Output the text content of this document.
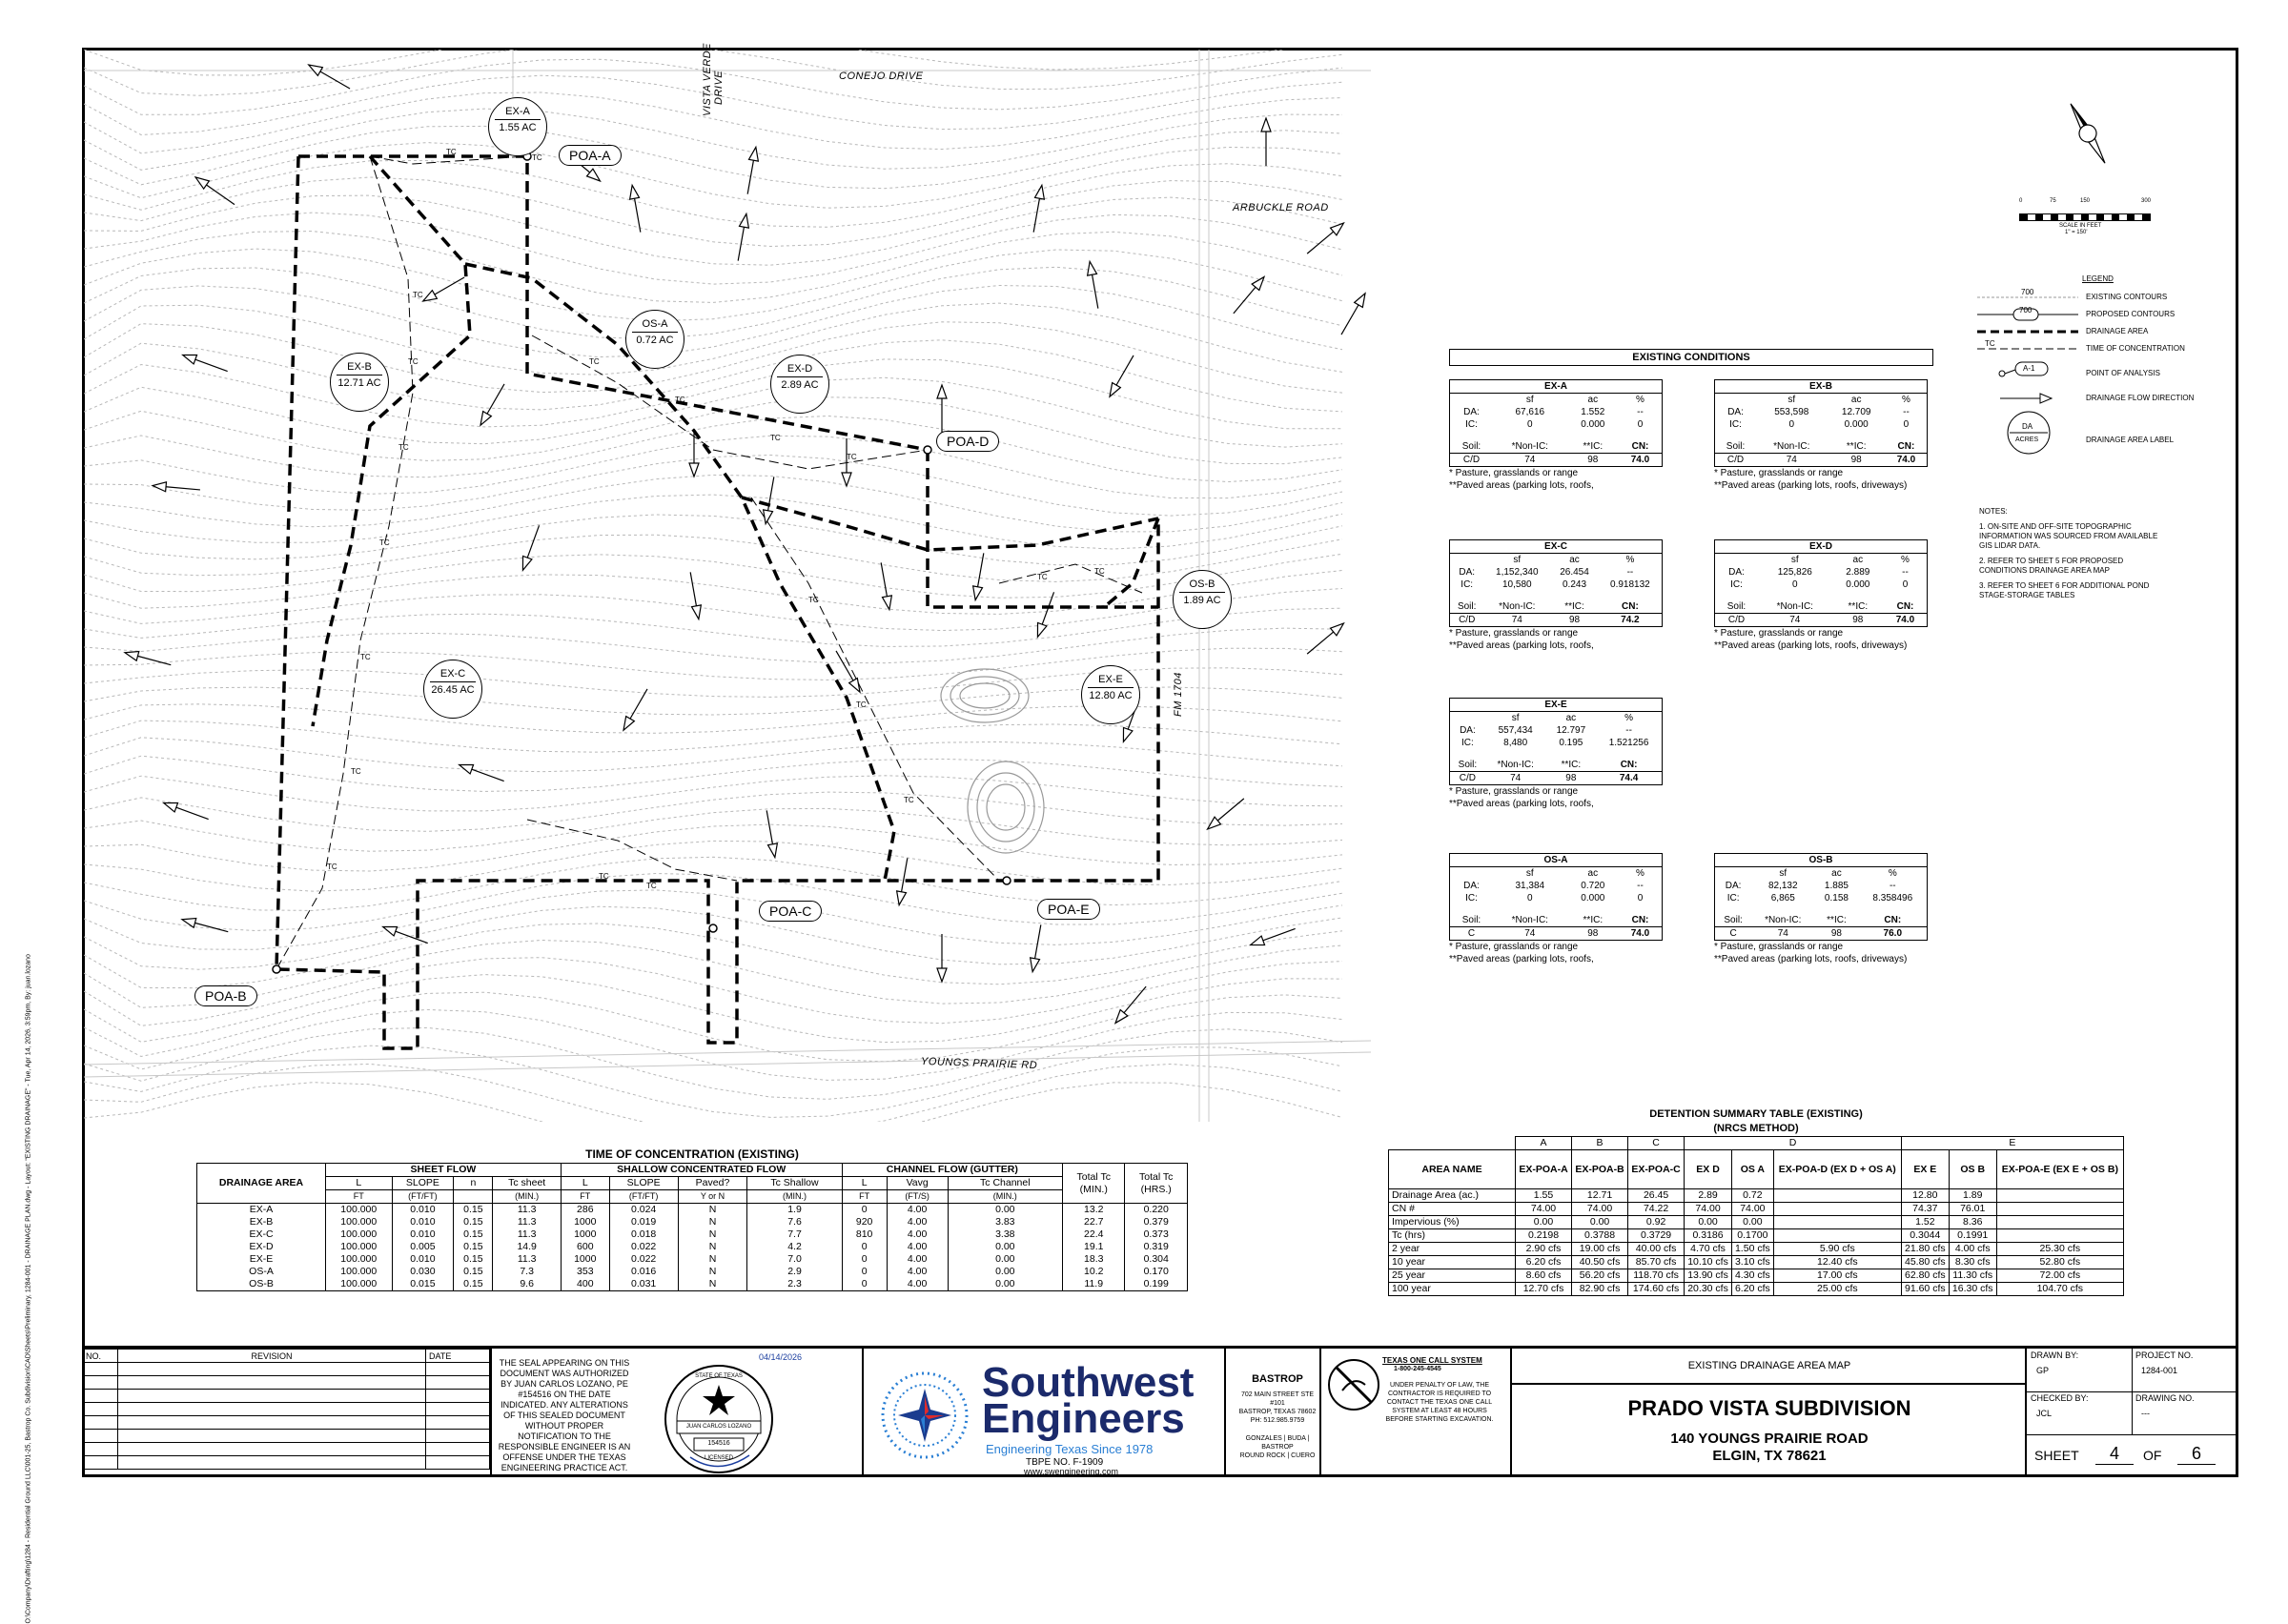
O:\Company\Drafting\1284 - Residential Ground LLC\001-25, Bastrop Co. Subdivision\CAD\Sheets\Preliminary, 1284-001 - DRAINAGE PLAN.dwg - Layout: "EXISTING DRAINAGE" - Tue, Apr 14, 2026, 3:59pm, By: juan.lozano
TC
TC
TC
TC
TC
TC
TC
TC
TC
TC
TC
TC
TC
TC
TC
TC
TC
TC
TC
TC
CONEJO DRIVE
VISTA VERDE DRIVE
ARBUCKLE ROAD
FM 1704
YOUNGS PRAIRIE RD
POA-A
POA-B
POA-C
POA-D
POA-E
EX-A
1.55 AC
OS-A
0.72 AC
EX-D
2.89 AC
EX-B
12.71 AC
OS-B
1.89 AC
EX-C
26.45 AC
EX-E
12.80 AC
0	75	150	300
SCALE IN FEET
1" = 150'
LEGEND
700
700
TC
A-1
DA
ACRES
EXISTING CONTOURS
PROPOSED CONTOURS
DRAINAGE AREA
TIME OF CONCENTRATION
POINT OF ANALYSIS
DRAINAGE FLOW DIRECTION
DRAINAGE AREA LABEL
NOTES:
1. ON-SITE AND OFF-SITE TOPOGRAPHIC INFORMATION WAS SOURCED FROM AVAILABLE GIS LIDAR DATA.
2. REFER TO SHEET 5 FOR PROPOSED CONDITIONS DRAINAGE AREA MAP
3. REFER TO SHEET 6 FOR ADDITIONAL POND STAGE-STORAGE TABLES
EXISTING CONDITIONS
EX-A			
	sf	ac	%
DA:	67,616	1.552	--
IC:	0	0.000	0

Soil:	*Non-IC:	**IC:	CN:
C/D	74	98	74.0
* Pasture, grasslands or range
**Paved areas (parking lots, roofs,
EX-B			
	sf	ac	%
DA:	553,598	12.709	--
IC:	0	0.000	0

Soil:	*Non-IC:	**IC:	CN:
C/D	74	98	74.0
* Pasture, grasslands or range
**Paved areas (parking lots, roofs, driveways)
EX-C			
	sf	ac	%
DA:	1,152,340	26.454	--
IC:	10,580	0.243	0.918132

Soil:	*Non-IC:	**IC:	CN:
C/D	74	98	74.2
* Pasture, grasslands or range
**Paved areas (parking lots, roofs,
EX-D			
	sf	ac	%
DA:	125,826	2.889	--
IC:	0	0.000	0

Soil:	*Non-IC:	**IC:	CN:
C/D	74	98	74.0
* Pasture, grasslands or range
**Paved areas (parking lots, roofs, driveways)
EX-E			
	sf	ac	%
DA:	557,434	12.797	--
IC:	8,480	0.195	1.521256

Soil:	*Non-IC:	**IC:	CN:
C/D	74	98	74.4
* Pasture, grasslands or range
**Paved areas (parking lots, roofs,
OS-A			
	sf	ac	%
DA:	31,384	0.720	--
IC:	0	0.000	0

Soil:	*Non-IC:	**IC:	CN:
C	74	98	74.0
* Pasture, grasslands or range
**Paved areas (parking lots, roofs,
OS-B			
	sf	ac	%
DA:	82,132	1.885	--
IC:	6,865	0.158	8.358496

Soil:	*Non-IC:	**IC:	CN:
C	74	98	76.0
* Pasture, grasslands or range
**Paved areas (parking lots, roofs, driveways)
TIME OF CONCENTRATION (EXISTING)
DRAINAGE AREA	SHEET FLOW				SHALLOW CONCENTRATED FLOW				CHANNEL FLOW (GUTTER)			Total Tc
(MIN.)	Total Tc
(HRS.)
	L	SLOPE	n	Tc sheet	L	SLOPE	Paved?	Tc Shallow	L	Vavg	Tc Channel		
	FT	(FT/FT)		(MIN.)	FT	(FT/FT)	Y or N	(MIN.)	FT	(FT/S)	(MIN.)		
EX-A	100.000	0.010	0.15	11.3	286	0.024	N	1.9	0	4.00	0.00	13.2	0.220
EX-B	100.000	0.010	0.15	11.3	1000	0.019	N	7.6	920	4.00	3.83	22.7	0.379
EX-C	100.000	0.010	0.15	11.3	1000	0.018	N	7.7	810	4.00	3.38	22.4	0.373
EX-D	100.000	0.005	0.15	14.9	600	0.022	N	4.2	0	4.00	0.00	19.1	0.319
EX-E	100.000	0.010	0.15	11.3	1000	0.022	N	7.0	0	4.00	0.00	18.3	0.304
OS-A	100.000	0.030	0.15	7.3	353	0.016	N	2.9	0	4.00	0.00	10.2	0.170
OS-B	100.000	0.015	0.15	9.6	400	0.031	N	2.3	0	4.00	0.00	11.9	0.199
DETENTION SUMMARY TABLE (EXISTING)
(NRCS METHOD)
	A	B	C	D			E		
AREA NAME	EX-POA-A	EX-POA-B	EX-POA-C	EX D	OS A	EX-POA-D (EX D + OS A)	EX E	OS B	EX-POA-E (EX E + OS B)
Drainage Area (ac.)	1.55	12.71	26.45	2.89	0.72		12.80	1.89	
CN #	74.00	74.00	74.22	74.00	74.00		74.37	76.01	
Impervious (%)	0.00	0.00	0.92	0.00	0.00		1.52	8.36	
Tc (hrs)	0.2198	0.3788	0.3729	0.3186	0.1700		0.3044	0.1991	
2 year	2.90 cfs	19.00 cfs	40.00 cfs	4.70 cfs	1.50 cfs	5.90 cfs	21.80 cfs	4.00 cfs	25.30 cfs
10 year	6.20 cfs	40.50 cfs	85.70 cfs	10.10 cfs	3.10 cfs	12.40 cfs	45.80 cfs	8.30 cfs	52.80 cfs
25 year	8.60 cfs	56.20 cfs	118.70 cfs	13.90 cfs	4.30 cfs	17.00 cfs	62.80 cfs	11.30 cfs	72.00 cfs
100 year	12.70 cfs	82.90 cfs	174.60 cfs	20.30 cfs	6.20 cfs	25.00 cfs	91.60 cfs	16.30 cfs	104.70 cfs
NO.	REVISION	DATE

THE SEAL APPEARING ON THIS DOCUMENT WAS AUTHORIZED BY JUAN CARLOS LOZANO, PE #154516 ON THE DATE INDICATED. ANY ALTERATIONS OF THIS SEALED DOCUMENT WITHOUT PROPER NOTIFICATION TO THE RESPONSIBLE ENGINEER IS AN OFFENSE UNDER THE TEXAS ENGINEERING PRACTICE ACT.
04/14/2026
STATE OF TEXAS
JUAN CARLOS LOZANO
154516
LICENSED
Southwest
Engineers
Engineering Texas Since 1978
TBPE NO. F-1909
www.swengineering.com
BASTROP
702 MAIN STREET STE #101
BASTROP, TEXAS 78602
PH: 512.985.9759
GONZALES | BUDA | BASTROP
ROUND ROCK | CUERO
TEXAS ONE CALL SYSTEM
1-800-245-4545
UNDER PENALTY OF LAW, THE CONTRACTOR IS REQUIRED TO CONTACT THE TEXAS ONE CALL SYSTEM AT LEAST 48 HOURS BEFORE STARTING EXCAVATION.
EXISTING DRAINAGE AREA MAP
PRADO VISTA SUBDIVISION
140 YOUNGS PRAIRIE ROAD
ELGIN, TX 78621
DRAWN BY:
GP
PROJECT NO.
1284-001
CHECKED BY:
JCL
DRAWING NO.
---
SHEET	4	OF	6
